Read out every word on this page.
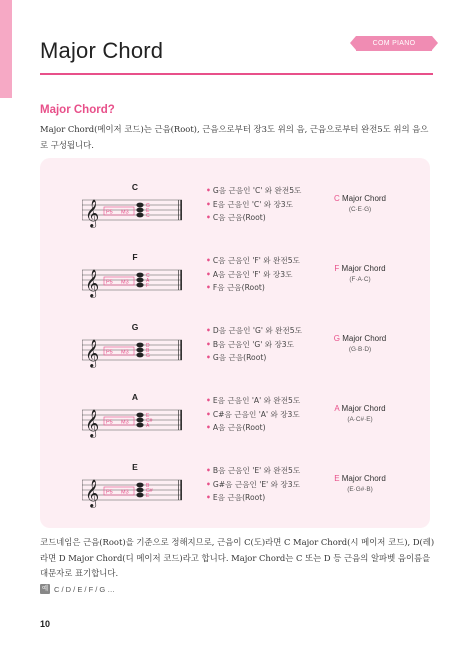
Major Chord	COM PIANO
Major Chord?
Major Chord(메이저 코드)는 근음(Root), 근음으로부터 장3도 위의 음, 근음으로부터 완전5도 위의 음으로 구성됩니다.
C
𝄞 P5 M3
G
E
C
• G음 근음인 'C' 와 완전5도
• E음 근음인 'C' 와 장3도
• C음 근음(Root)
C Major Chord
(C·E·G)
F
𝄞 P5 M3
C
A
F
• C음 근음인 'F' 와 완전5도
• A음 근음인 'F' 와 장3도
• F음 근음(Root)
F Major Chord
(F·A·C)
G
𝄞 P5 M3
D
B
G
• D음 근음인 'G' 와 완전5도
• B음 근음인 'G' 와 장3도
• G음 근음(Root)
G Major Chord
(G·B·D)
A
𝄞 P5 M3
E
C#
A
• E음 근음인 'A' 와 완전5도
• C#음 근음인 'A' 와 장3도
• A음 근음(Root)
A Major Chord
(A·C#·E)
E
𝄞 P5 M3
B
G#
E
• B음 근음인 'E' 와 완전5도
• G#음 근음인 'E' 와 장3도
• E음 근음(Root)
E Major Chord
(E·G#·B)
코드네임은 근음(Root)을 기준으로 정해지므로, 근음이 C(도)라면 C Major Chord(시 메이저 코드), D(레)라면 D Major Chord(디 메이저 코드)라고 합니다. Major Chord는 C 또는 D 등 근음의 알파벳 음이름을 대문자로 표기합니다.
예 C / D / E / F / G …
10
